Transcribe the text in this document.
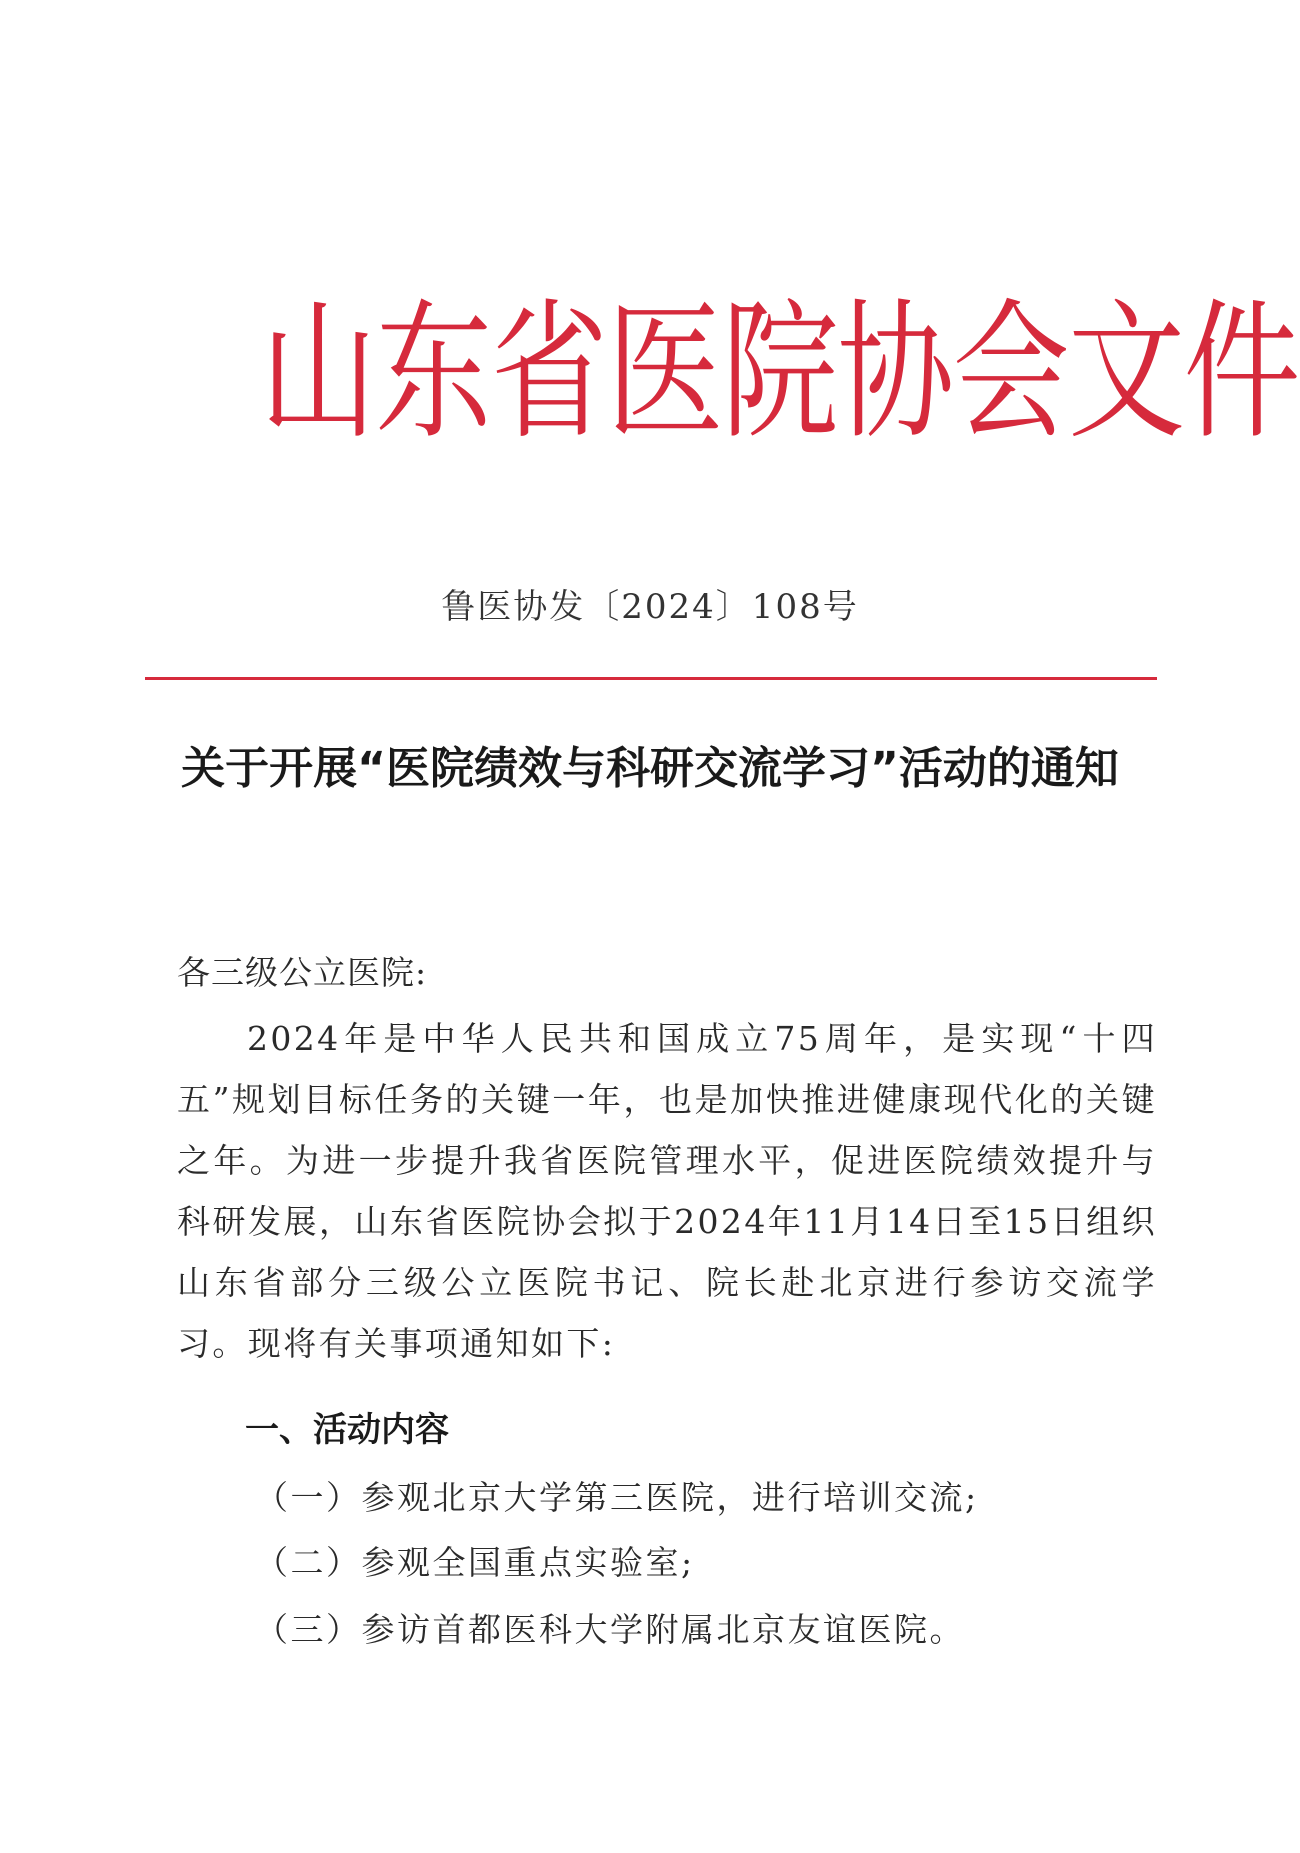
山东省医院协会文件
鲁医协发〔2024〕108号
关于开展“医院绩效与科研交流学习”活动的通知
各三级公立医院:

2024年是中华人民共和国成立75周年，是实现“十四五”规划目标任务的关键一年，也是加快推进健康现代化的关键之年。为进一步提升我省医院管理水平，促进医院绩效提升与科研发展，山东省医院协会拟于2024年11月14日至15日组织山东省部分三级公立医院书记、院长赴北京进行参访交流学习。现将有关事项通知如下:

一、活动内容
（一）参观北京大学第三医院，进行培训交流;
（二）参观全国重点实验室;
（三）参访首都医科大学附属北京友谊医院。
